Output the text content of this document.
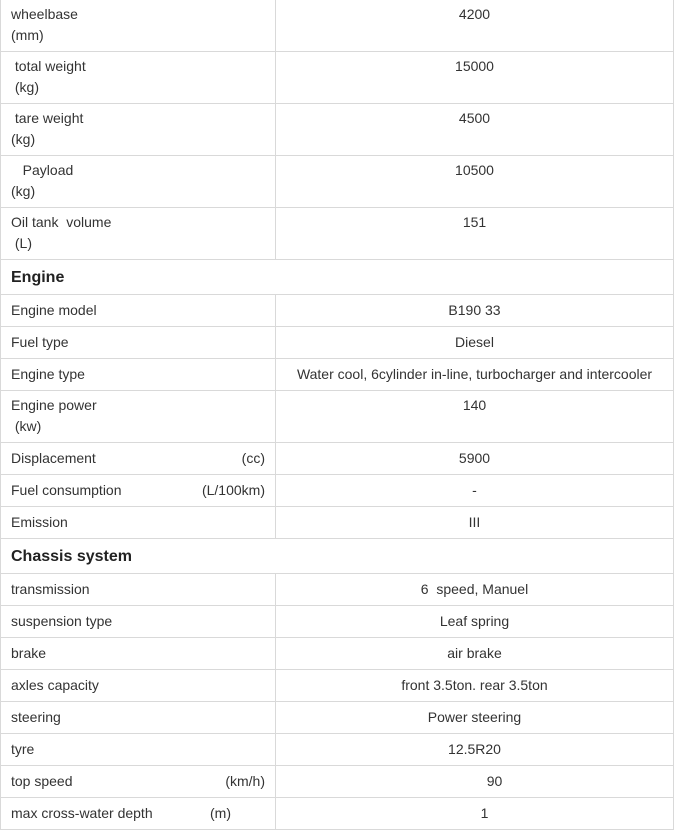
wheelbase
(mm)	4200

total weight
(kg)	15000

tare weight
(kg)	4500

Payload
(kg)	10500

Oil tank  volume
(L)	151
Engine	
Engine model	B190 33
Fuel type	Diesel
Engine type	Water cool, 6cylinder in-line, turbocharger and intercooler

Engine power
(kw)	140

Displacement (cc)	5900

Fuel consumption (L/100km)	-
Emission	III
Chassis system	
transmission	6  speed, Manuel
suspension type	Leaf spring
brake	air brake
axles capacity	front 3.5ton. rear 3.5ton
steering	Power steering
tyre	12.5R20

top speed (km/h)	90

max cross-water depth (m)	1
